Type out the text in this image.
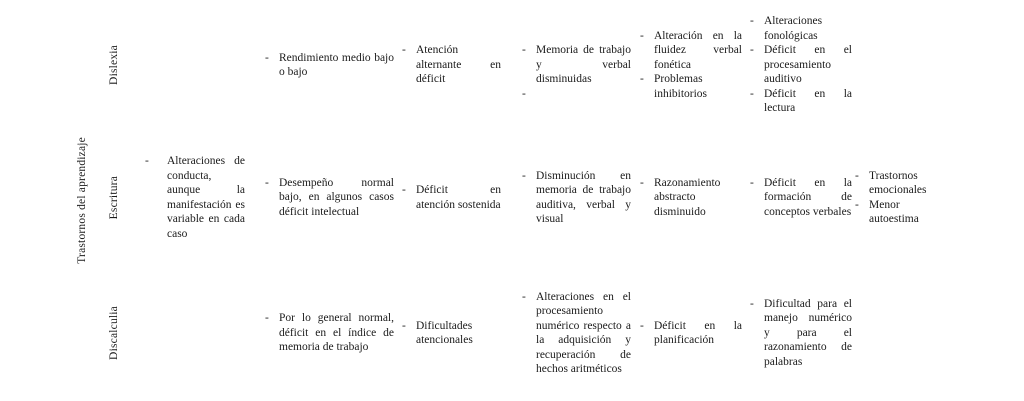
Trastornos del aprendizaje
Dislexia	- Rendimiento medio bajo o bajo
- Atención alternante en déficit
- Memoria de trabajo y verbal disminuidas
-
- Alteración en la fluidez verbal fonética
- Problemas inhibitorios
- Alteraciones fonológicas
- Déficit en el procesamiento auditivo
- Déficit en la lectura
Escritura
- Alteraciones de conducta, aunque la manifestación es variable en cada caso
- Desempeño normal bajo, en algunos casos déficit intelectual
- Déficit en atención sostenida
- Disminución en memoria de trabajo auditiva, verbal y visual
- Razonamiento abstracto disminuido
- Déficit en la formación de conceptos verbales
- Trastornos emocionales
- Menor autoestima
Discalculia	- Por lo general normal, déficit en el índice de memoria de trabajo
- Dificultades atencionales
- Alteraciones en el procesamiento numérico respecto a la adquisición y recuperación de hechos aritméticos
- Déficit en la planificación
- Dificultad para el manejo numérico y para el razonamiento de palabras
